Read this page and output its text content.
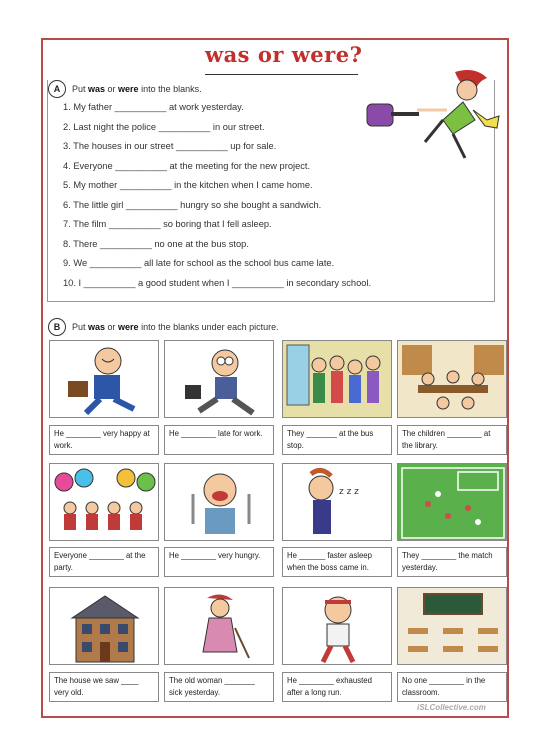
was or were?
A	Put was or were into the blanks.
1. My father __________ at work yesterday.
2. Last night the police __________ in our street.
3. The houses in our street __________ up for sale.
4. Everyone __________ at the meeting for the new project.
5. My mother __________ in the kitchen when I came home.
6. The little girl __________ hungry so she bought a sandwich.
7. The film __________ so boring that I fell asleep.
8. There __________ no one at the bus stop.
9. We __________ all late for school as the school bus came late.
10. I __________ a good student when I __________ in secondary school.
B	Put was or were into the blanks under each picture.
He ________ very happy at work.
He ________ late for work.	They _______ at the bus stop.
The children ________ at the library.
z z z
Everyone ________ at the party.
He ________ very hungry.	He ______ faster asleep when the boss came in.
They ________ the match yesterday.
The house we saw ____ very old.
The old woman _______ sick yesterday.
He ________ exhausted after a long run.
No one ________ in the classroom.
iSLCollective.com
